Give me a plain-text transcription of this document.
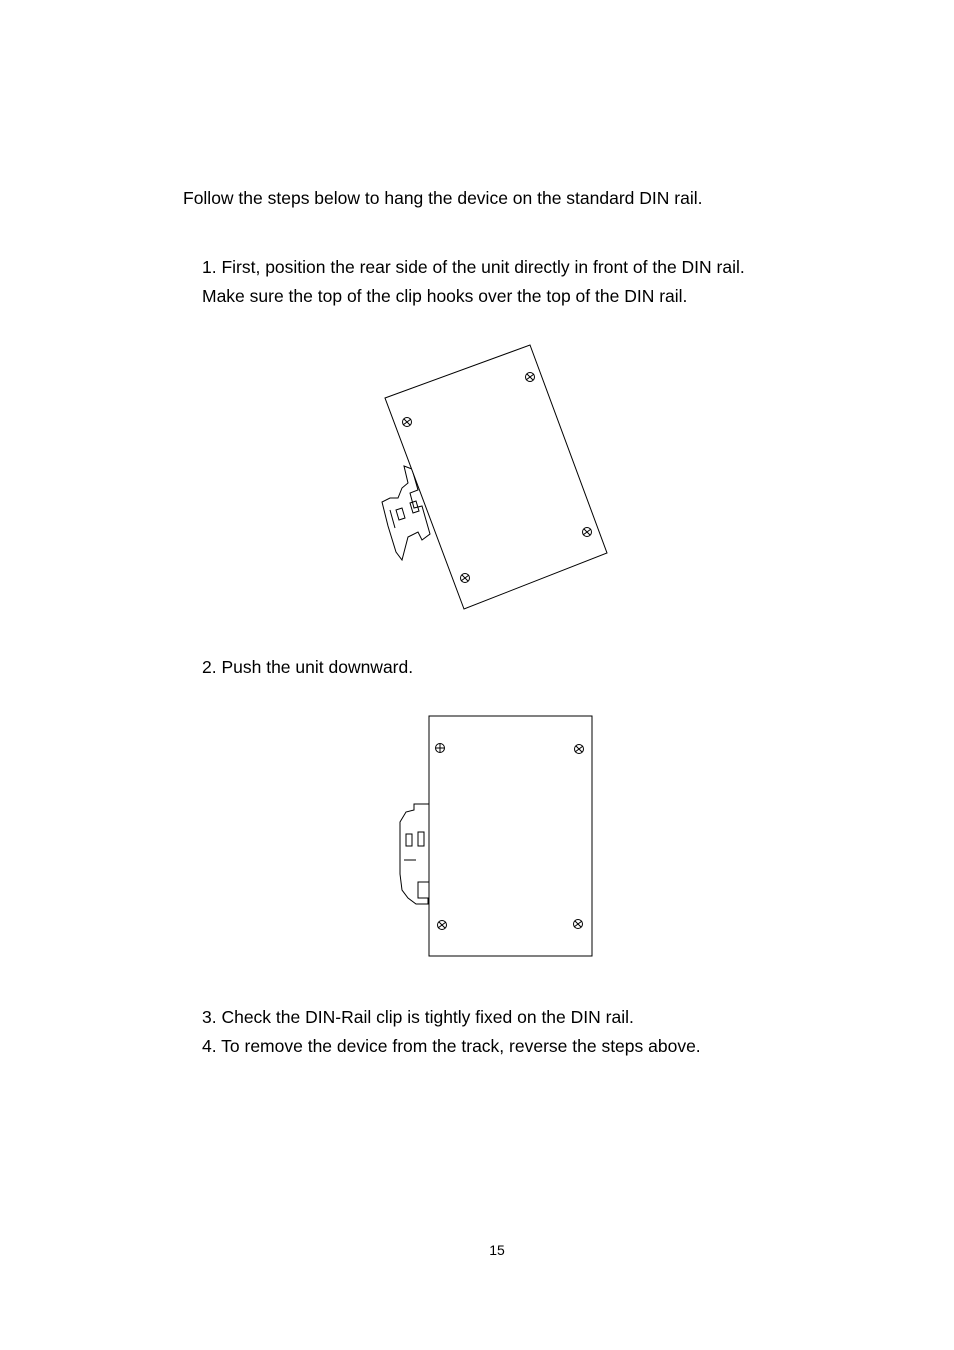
Follow the steps below to hang the device on the standard DIN rail.
1. First, position the rear side of the unit directly in front of the DIN rail.
Make sure the top of the clip hooks over the top of the DIN rail.
2. Push the unit downward.
3. Check the DIN-Rail clip is tightly fixed on the DIN rail.
4. To remove the device from the track, reverse the steps above.
15
